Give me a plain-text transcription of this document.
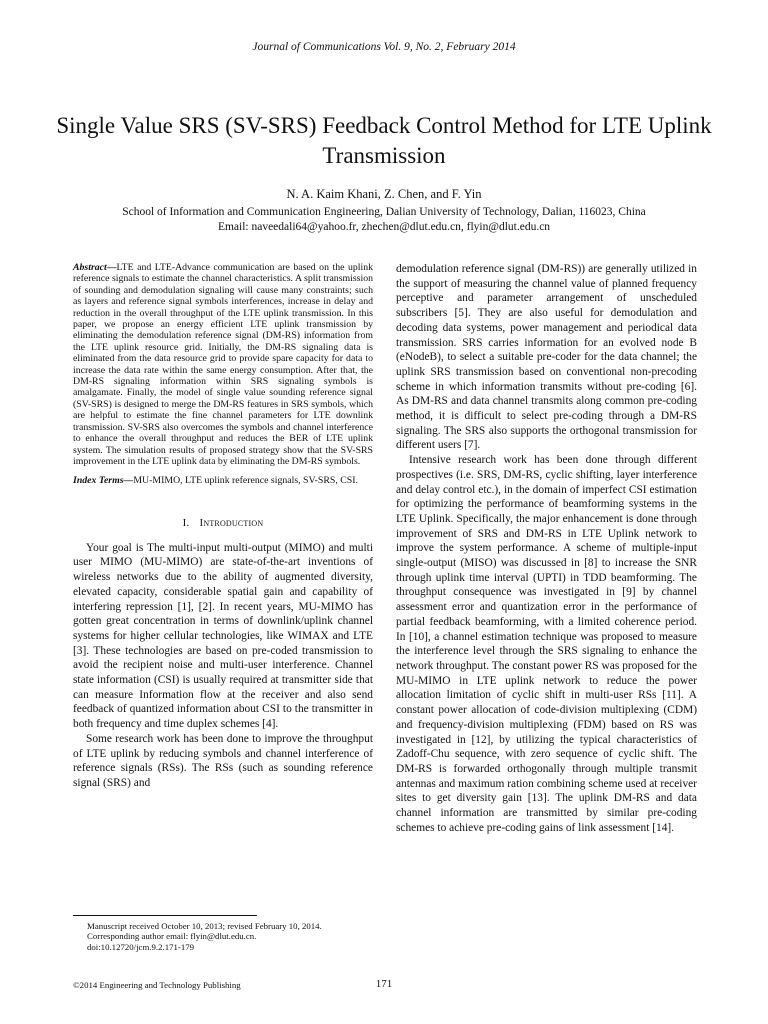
Journal of Communications Vol. 9, No. 2, February 2014
Single Value SRS (SV-SRS) Feedback Control Method for LTE Uplink Transmission
N. A. Kaim Khani, Z. Chen, and F. Yin
School of Information and Communication Engineering, Dalian University of Technology, Dalian, 116023, China
Email: naveedali64@yahoo.fr, zhechen@dlut.edu.cn, flyin@dlut.edu.cn

Abstract—LTE and LTE-Advance communication are based on the uplink reference signals to estimate the channel characteristics. A split transmission of sounding and demodulation signaling will cause many constraints; such as layers and reference signal symbols interferences, increase in delay and reduction in the overall throughput of the LTE uplink transmission. In this paper, we propose an energy efficient LTE uplink transmission by eliminating the demodulation reference signal (DM-RS) information from the LTE uplink resource grid. Initially, the DM-RS signaling data is eliminated from the data resource grid to provide spare capacity for data to increase the data rate within the same energy consumption. After that, the DM-RS signaling information within SRS signaling symbols is amalgamate. Finally, the model of single value sounding reference signal (SV-SRS) is designed to merge the DM-RS features in SRS symbols, which are helpful to estimate the fine channel parameters for LTE downlink transmission. SV-SRS also overcomes the symbols and channel interference to enhance the overall throughput and reduces the BER of LTE uplink system. The simulation results of proposed strategy show that the SV-SRS improvement in the LTE uplink data by eliminating the DM-RS symbols.

Index Terms—MU-MIMO, LTE uplink reference signals, SV-SRS, CSI.

I. Introduction

Your goal is The multi-input multi-output (MIMO) and multi user MIMO (MU-MIMO) are state-of-the-art inventions of wireless networks due to the ability of augmented diversity, elevated capacity, considerable spatial gain and capability of interfering repression [1], [2]. In recent years, MU-MIMO has gotten great concentration in terms of downlink/uplink channel systems for higher cellular technologies, like WIMAX and LTE [3]. These technologies are based on pre-coded transmission to avoid the recipient noise and multi-user interference. Channel state information (CSI) is usually required at transmitter side that can measure Information flow at the receiver and also send feedback of quantized information about CSI to the transmitter in both frequency and time duplex schemes [4].

Some research work has been done to improve the throughput of LTE uplink by reducing symbols and channel interference of reference signals (RSs). The RSs (such as sounding reference signal (SRS) and

demodulation reference signal (DM-RS)) are generally utilized in the support of measuring the channel value of planned frequency perceptive and parameter arrangement of unscheduled subscribers [5]. They are also useful for demodulation and decoding data systems, power management and periodical data transmission. SRS carries information for an evolved node B (eNodeB), to select a suitable pre-coder for the data channel; the uplink SRS transmission based on conventional non-precoding scheme in which information transmits without pre-coding [6]. As DM-RS and data channel transmits along common pre-coding method, it is difficult to select pre-coding through a DM-RS signaling. The SRS also supports the orthogonal transmission for different users [7].

Intensive research work has been done through different prospectives (i.e. SRS, DM-RS, cyclic shifting, layer interference and delay control etc.), in the domain of imperfect CSI estimation for optimizing the performance of beamforming systems in the LTE Uplink. Specifically, the major enhancement is done through improvement of SRS and DM-RS in LTE Uplink network to improve the system performance. A scheme of multiple-input single-output (MISO) was discussed in [8] to increase the SNR through uplink time interval (UPTI) in TDD beamforming. The throughput consequence was investigated in [9] by channel assessment error and quantization error in the performance of partial feedback beamforming, with a limited coherence period. In [10], a channel estimation technique was proposed to measure the interference level through the SRS signaling to enhance the network throughput. The constant power RS was proposed for the MU-MIMO in LTE uplink network to reduce the power allocation limitation of cyclic shift in multi-user RSs [11]. A constant power allocation of code-division multiplexing (CDM) and frequency-division multiplexing (FDM) based on RS was investigated in [12], by utilizing the typical characteristics of Zadoff-Chu sequence, with zero sequence of cyclic shift. The DM-RS is forwarded orthogonally through multiple transmit antennas and maximum ration combining scheme used at receiver sites to get diversity gain [13]. The uplink DM-RS and data channel information are transmitted by similar pre-coding schemes to achieve pre-coding gains of link assessment [14].

Manuscript received October 10, 2013; revised February 10, 2014.
Corresponding author email: flyin@dlut.edu.cn.
doi:10.12720/jcm.9.2.171-179
©2014 Engineering and Technology Publishing	171
